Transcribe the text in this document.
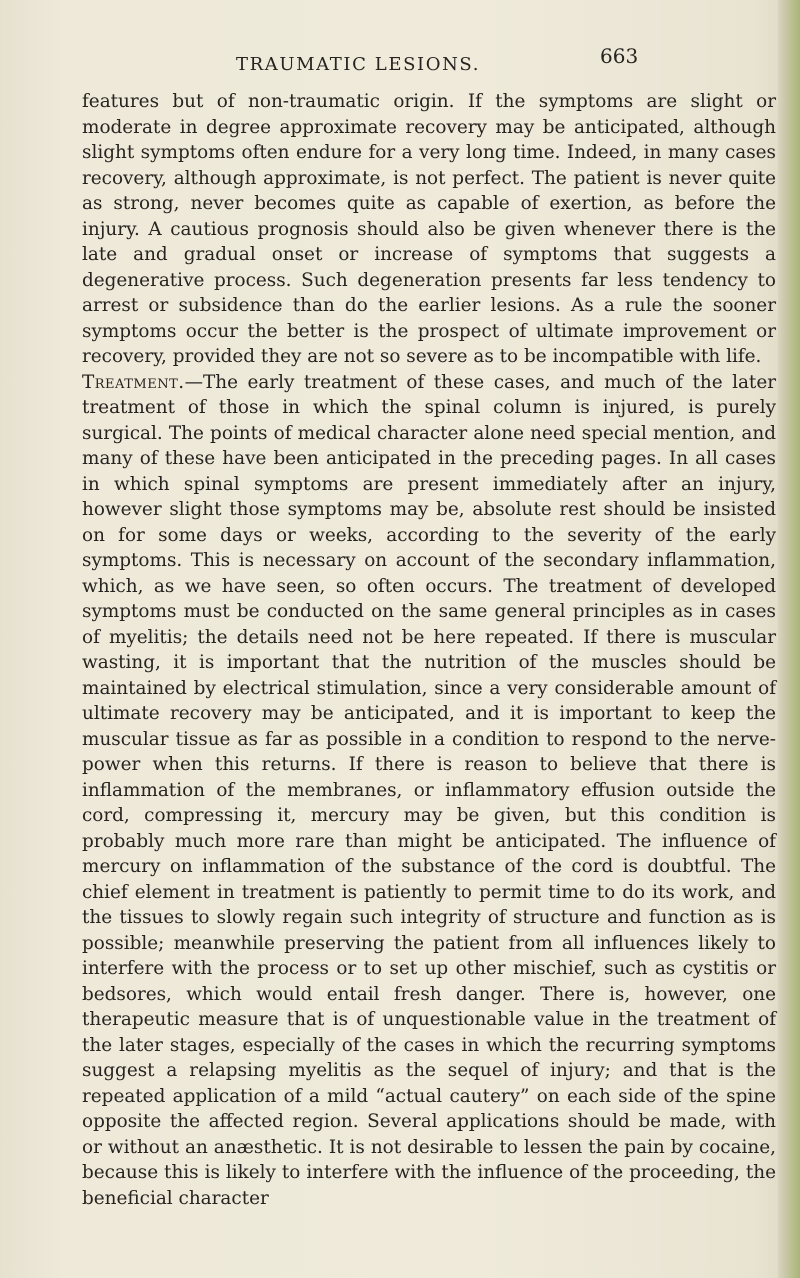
TRAUMATIC LESIONS.	663

features but of non-traumatic origin. If the symptoms are slight or moderate in degree approximate recovery may be anticipated, although slight symptoms often endure for a very long time. Indeed, in many cases recovery, although approximate, is not perfect. The patient is never quite as strong, never becomes quite as capable of exertion, as before the injury. A cautious prognosis should also be given whenever there is the late and gradual onset or increase of symptoms that suggests a degenerative process. Such degeneration presents far less tendency to arrest or subsidence than do the earlier lesions. As a rule the sooner symptoms occur the better is the prospect of ultimate improvement or recovery, provided they are not so severe as to be incompatible with life.

Treatment.—The early treatment of these cases, and much of the later treatment of those in which the spinal column is injured, is purely surgical. The points of medical character alone need special mention, and many of these have been anticipated in the preceding pages. In all cases in which spinal symptoms are present immediately after an injury, however slight those symptoms may be, absolute rest should be insisted on for some days or weeks, according to the severity of the early symptoms. This is necessary on account of the secondary inflammation, which, as we have seen, so often occurs. The treatment of developed symptoms must be conducted on the same general principles as in cases of myelitis; the details need not be here repeated. If there is muscular wasting, it is important that the nutrition of the muscles should be maintained by electrical stimulation, since a very considerable amount of ultimate recovery may be anticipated, and it is important to keep the muscular tissue as far as possible in a condition to respond to the nerve-power when this returns. If there is reason to believe that there is inflammation of the membranes, or inflammatory effusion outside the cord, compressing it, mercury may be given, but this condition is probably much more rare than might be anticipated. The influence of mercury on inflammation of the substance of the cord is doubtful. The chief element in treatment is patiently to permit time to do its work, and the tissues to slowly regain such integrity of structure and function as is possible; meanwhile preserving the patient from all influences likely to interfere with the process or to set up other mischief, such as cystitis or bedsores, which would entail fresh danger. There is, however, one therapeutic measure that is of unquestionable value in the treatment of the later stages, especially of the cases in which the recurring symptoms suggest a relapsing myelitis as the sequel of injury; and that is the repeated application of a mild “actual cautery” on each side of the spine opposite the affected region. Several applications should be made, with or without an anæsthetic. It is not desirable to lessen the pain by cocaine, because this is likely to interfere with the influence of the proceeding, the beneficial character
